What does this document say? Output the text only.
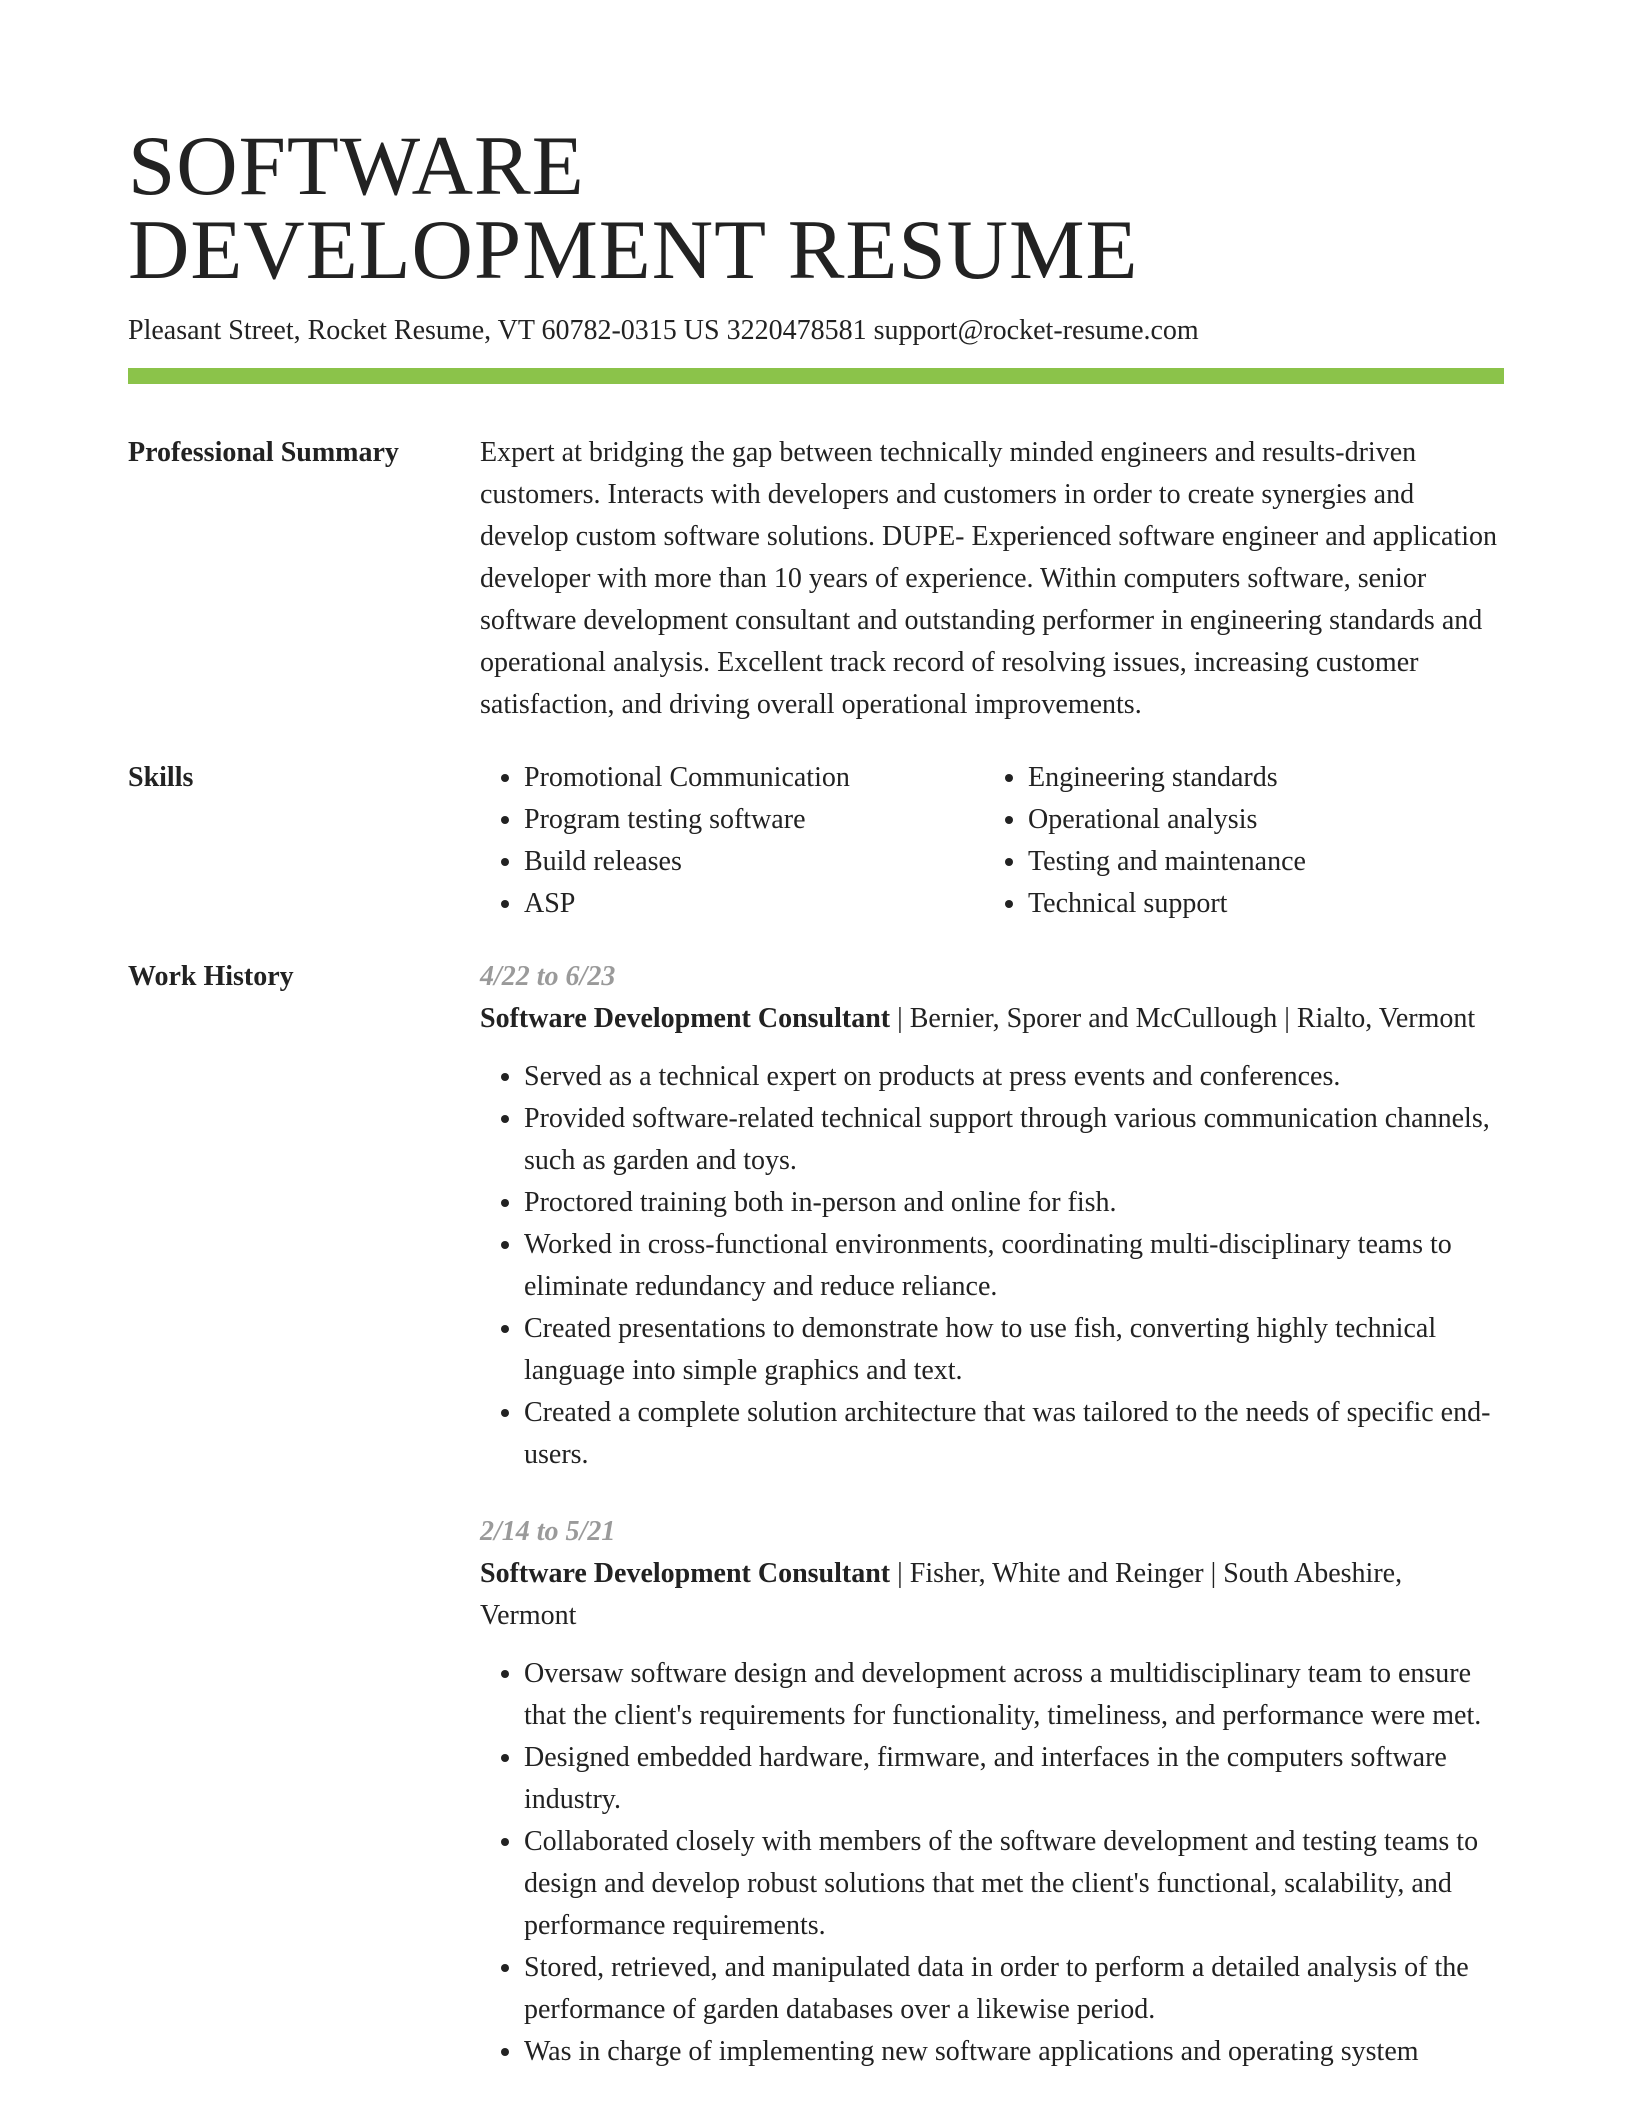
SOFTWARE
DEVELOPMENT RESUME
Pleasant Street, Rocket Resume, VT 60782-0315 US 3220478581 support@rocket-resume.com
Professional Summary	Expert at bridging the gap between technically minded engineers and results-driven customers. Interacts with developers and customers in order to create synergies and develop custom software solutions. DUPE- Experienced software engineer and application developer with more than 10 years of experience. Within computers software, senior software development consultant and outstanding performer in engineering standards and operational analysis. Excellent track record of resolving issues, increasing customer satisfaction, and driving overall operational improvements.
Skills
•	Promotional Communication
• Program testing software
• Build releases
• ASP
• Engineering standards
• Operational analysis
• Testing and maintenance
• Technical support
Work History	4/22 to 6/23
Software Development Consultant | Bernier, Sporer and McCullough | Rialto, Vermont
• Served as a technical expert on products at press events and conferences.
• Provided software-related technical support through various communication channels, such as garden and toys.
• Proctored training both in-person and online for fish.
• Worked in cross-functional environments, coordinating multi-disciplinary teams to eliminate redundancy and reduce reliance.
• Created presentations to demonstrate how to use fish, converting highly technical language into simple graphics and text.
• Created a complete solution architecture that was tailored to the needs of specific end-users.
2/14 to 5/21
Software Development Consultant | Fisher, White and Reinger | South Abeshire, Vermont
• Oversaw software design and development across a multidisciplinary team to ensure that the client's requirements for functionality, timeliness, and performance were met.
• Designed embedded hardware, firmware, and interfaces in the computers software industry.
• Collaborated closely with members of the software development and testing teams to design and develop robust solutions that met the client's functional, scalability, and performance requirements.
• Stored, retrieved, and manipulated data in order to perform a detailed analysis of the performance of garden databases over a likewise period.
• Was in charge of implementing new software applications and operating system
